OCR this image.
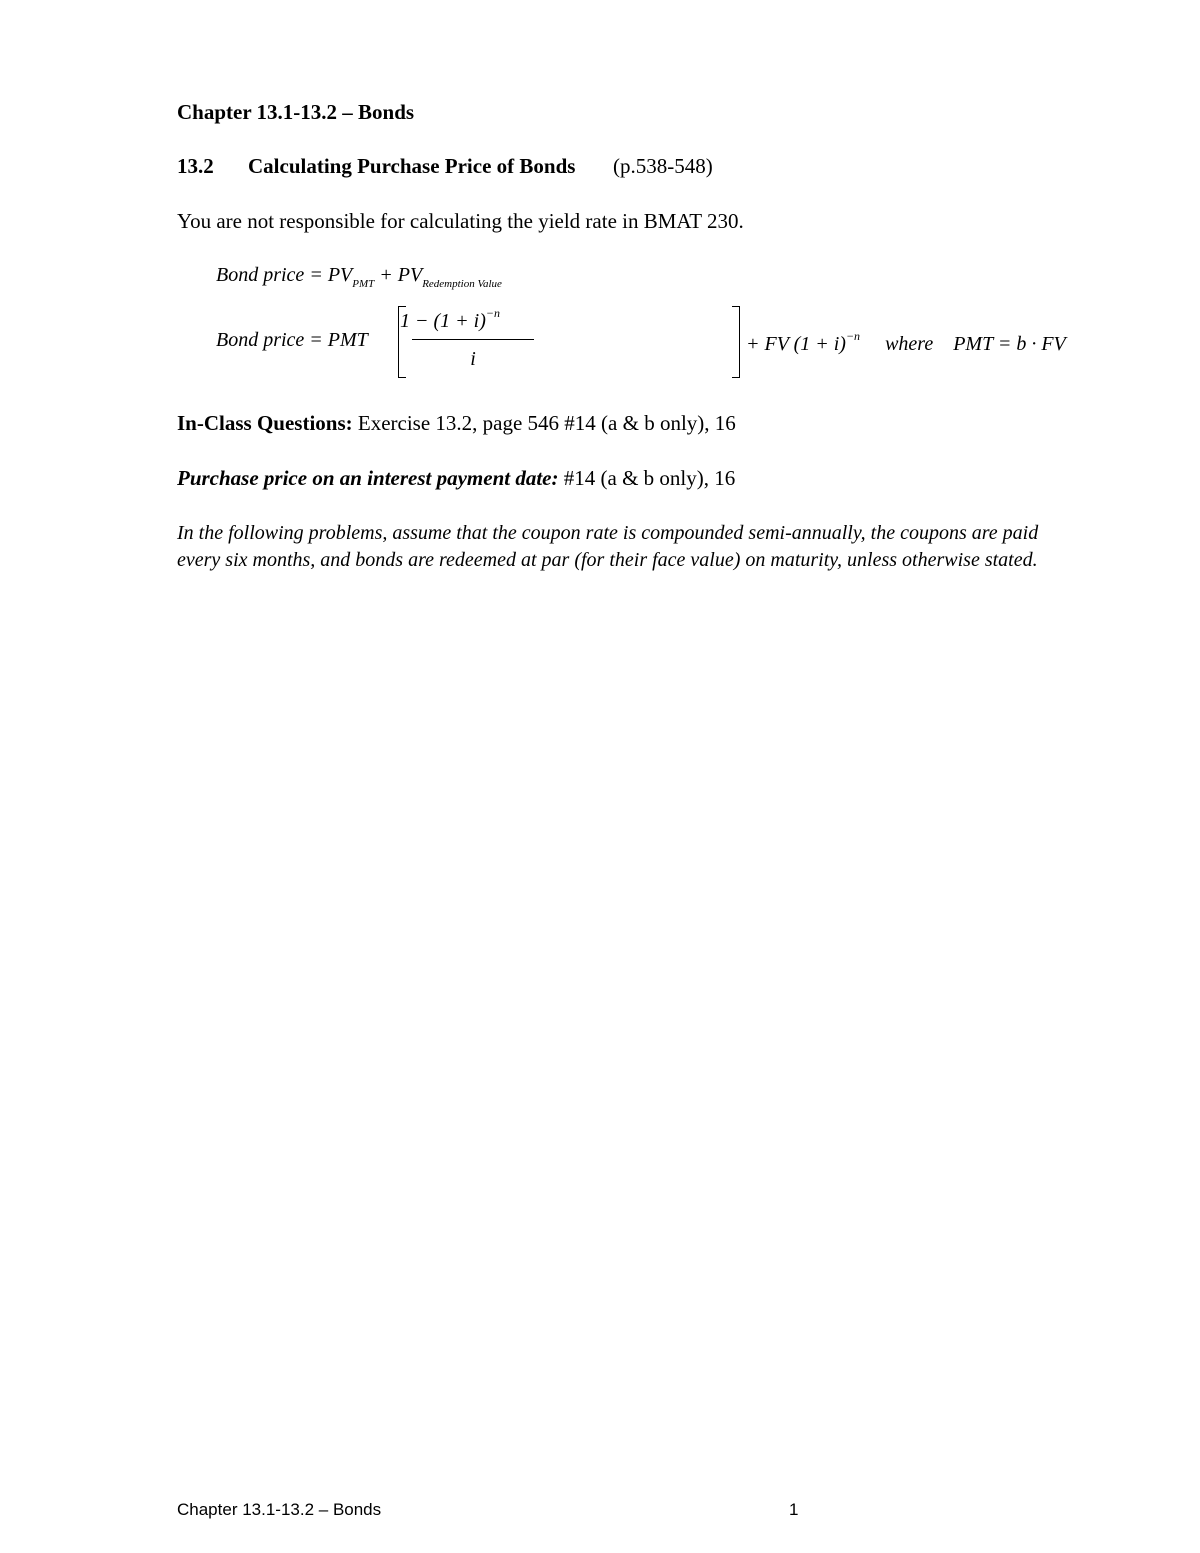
Chapter 13.1-13.2 – Bonds
13.2 Calculating Purchase Price of Bonds (p.538-548)
You are not responsible for calculating the yield rate in BMAT 230.
Bond price = $PV_{PMT} + PV_{Redemption Value}$
Bond price = PMT
$1 - (1 + i)^{-n}$
i
+ FV $(1 + i)^{-n}$ where PMT = b · FV
In-Class Questions: Exercise 13.2, page 546 #14 (a & b only), 16
Purchase price on an interest payment date: #14 (a & b only), 16
In the following problems, assume that the coupon rate is compounded semi-annually, the coupons are paid every six months, and bonds are redeemed at par (for their face value) on maturity, unless otherwise stated.
Chapter 13.1-13.2 – Bonds	1
